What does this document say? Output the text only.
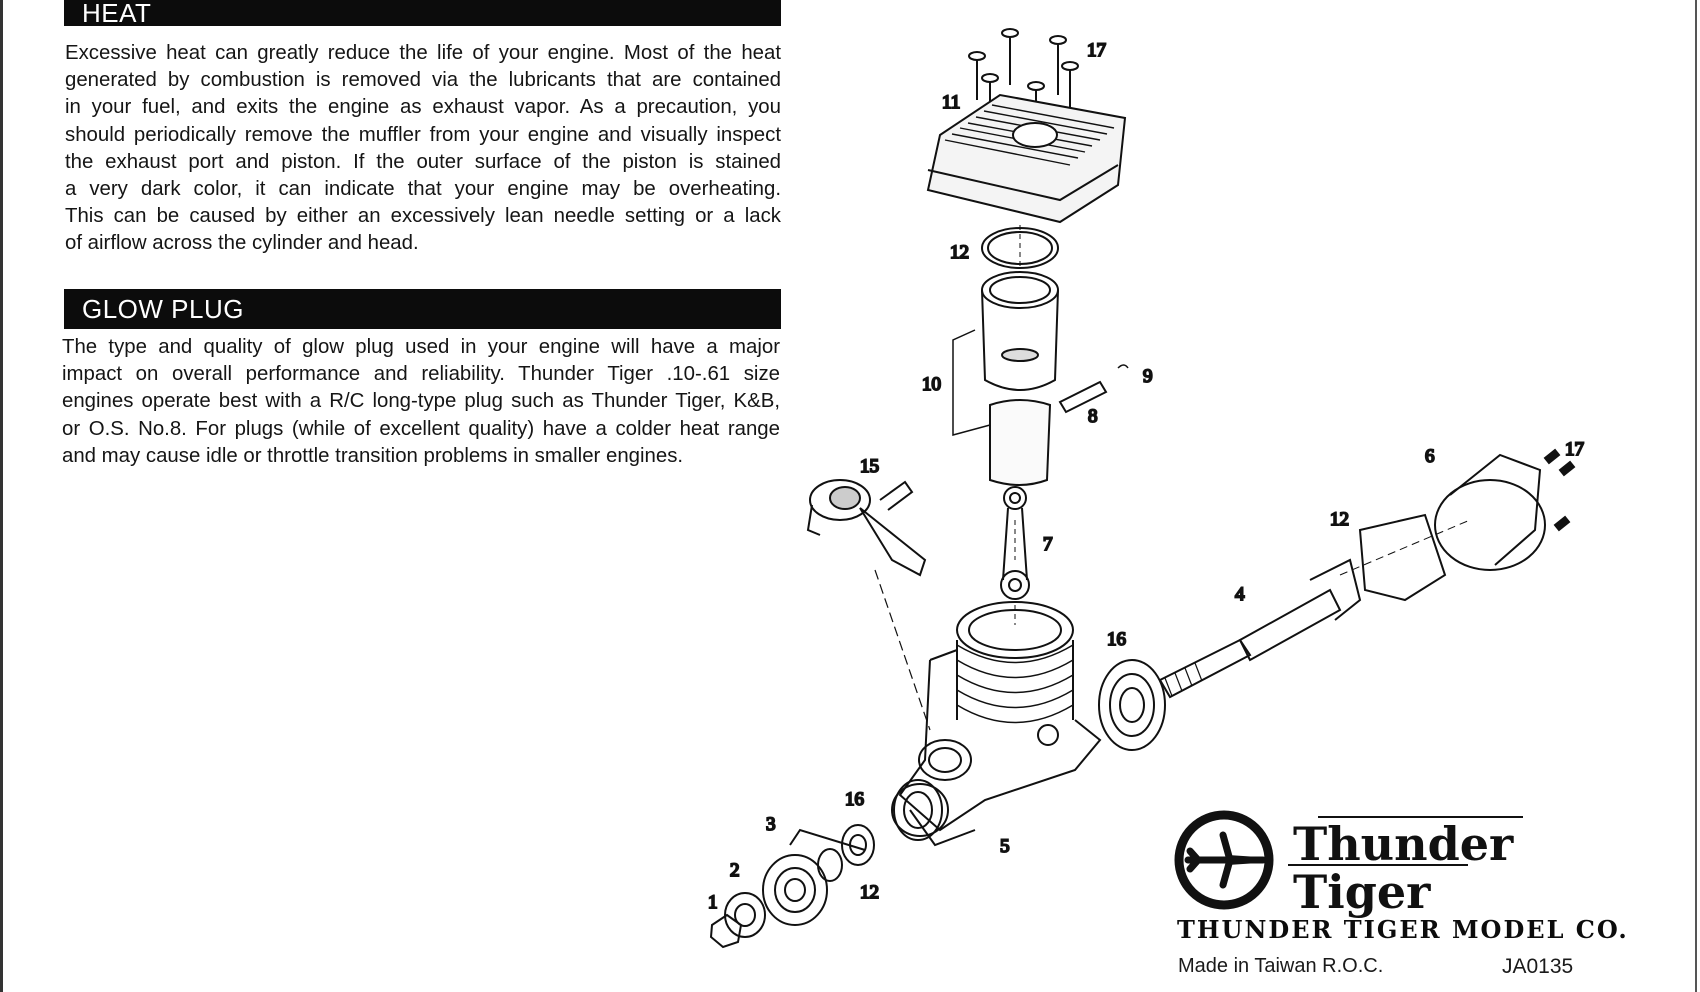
HEAT
Excessive heat can greatly reduce the life of your engine. Most of the heat
generated by combustion is removed via the lubricants that are contained
in your fuel, and exits the engine as exhaust vapor. As a precaution, you
should periodically remove the muffler from your engine and visually inspect
the exhaust port and piston. If the outer surface of the piston is stained
a very dark color, it can indicate that your engine may be overheating.
This can be caused by either an excessively lean needle setting or a lack
of airflow across the cylinder and head.
GLOW PLUG
The type and quality of glow plug used in your engine will have a major
impact on overall performance and reliability. Thunder Tiger .10-.61 size
engines operate best with a R/C long-type plug such as Thunder Tiger, K&B,
or O.S. No.8. For plugs (while of excellent quality) have a colder heat range
and may cause idle or throttle transition problems in smaller engines.
17
11
12
10	9
8
15
7
6	17
12
4
16
16
3
2
1	12
5	Thunder
Tiger
THUNDER TIGER MODEL CO.
Made in Taiwan R.O.C.	JA0135
